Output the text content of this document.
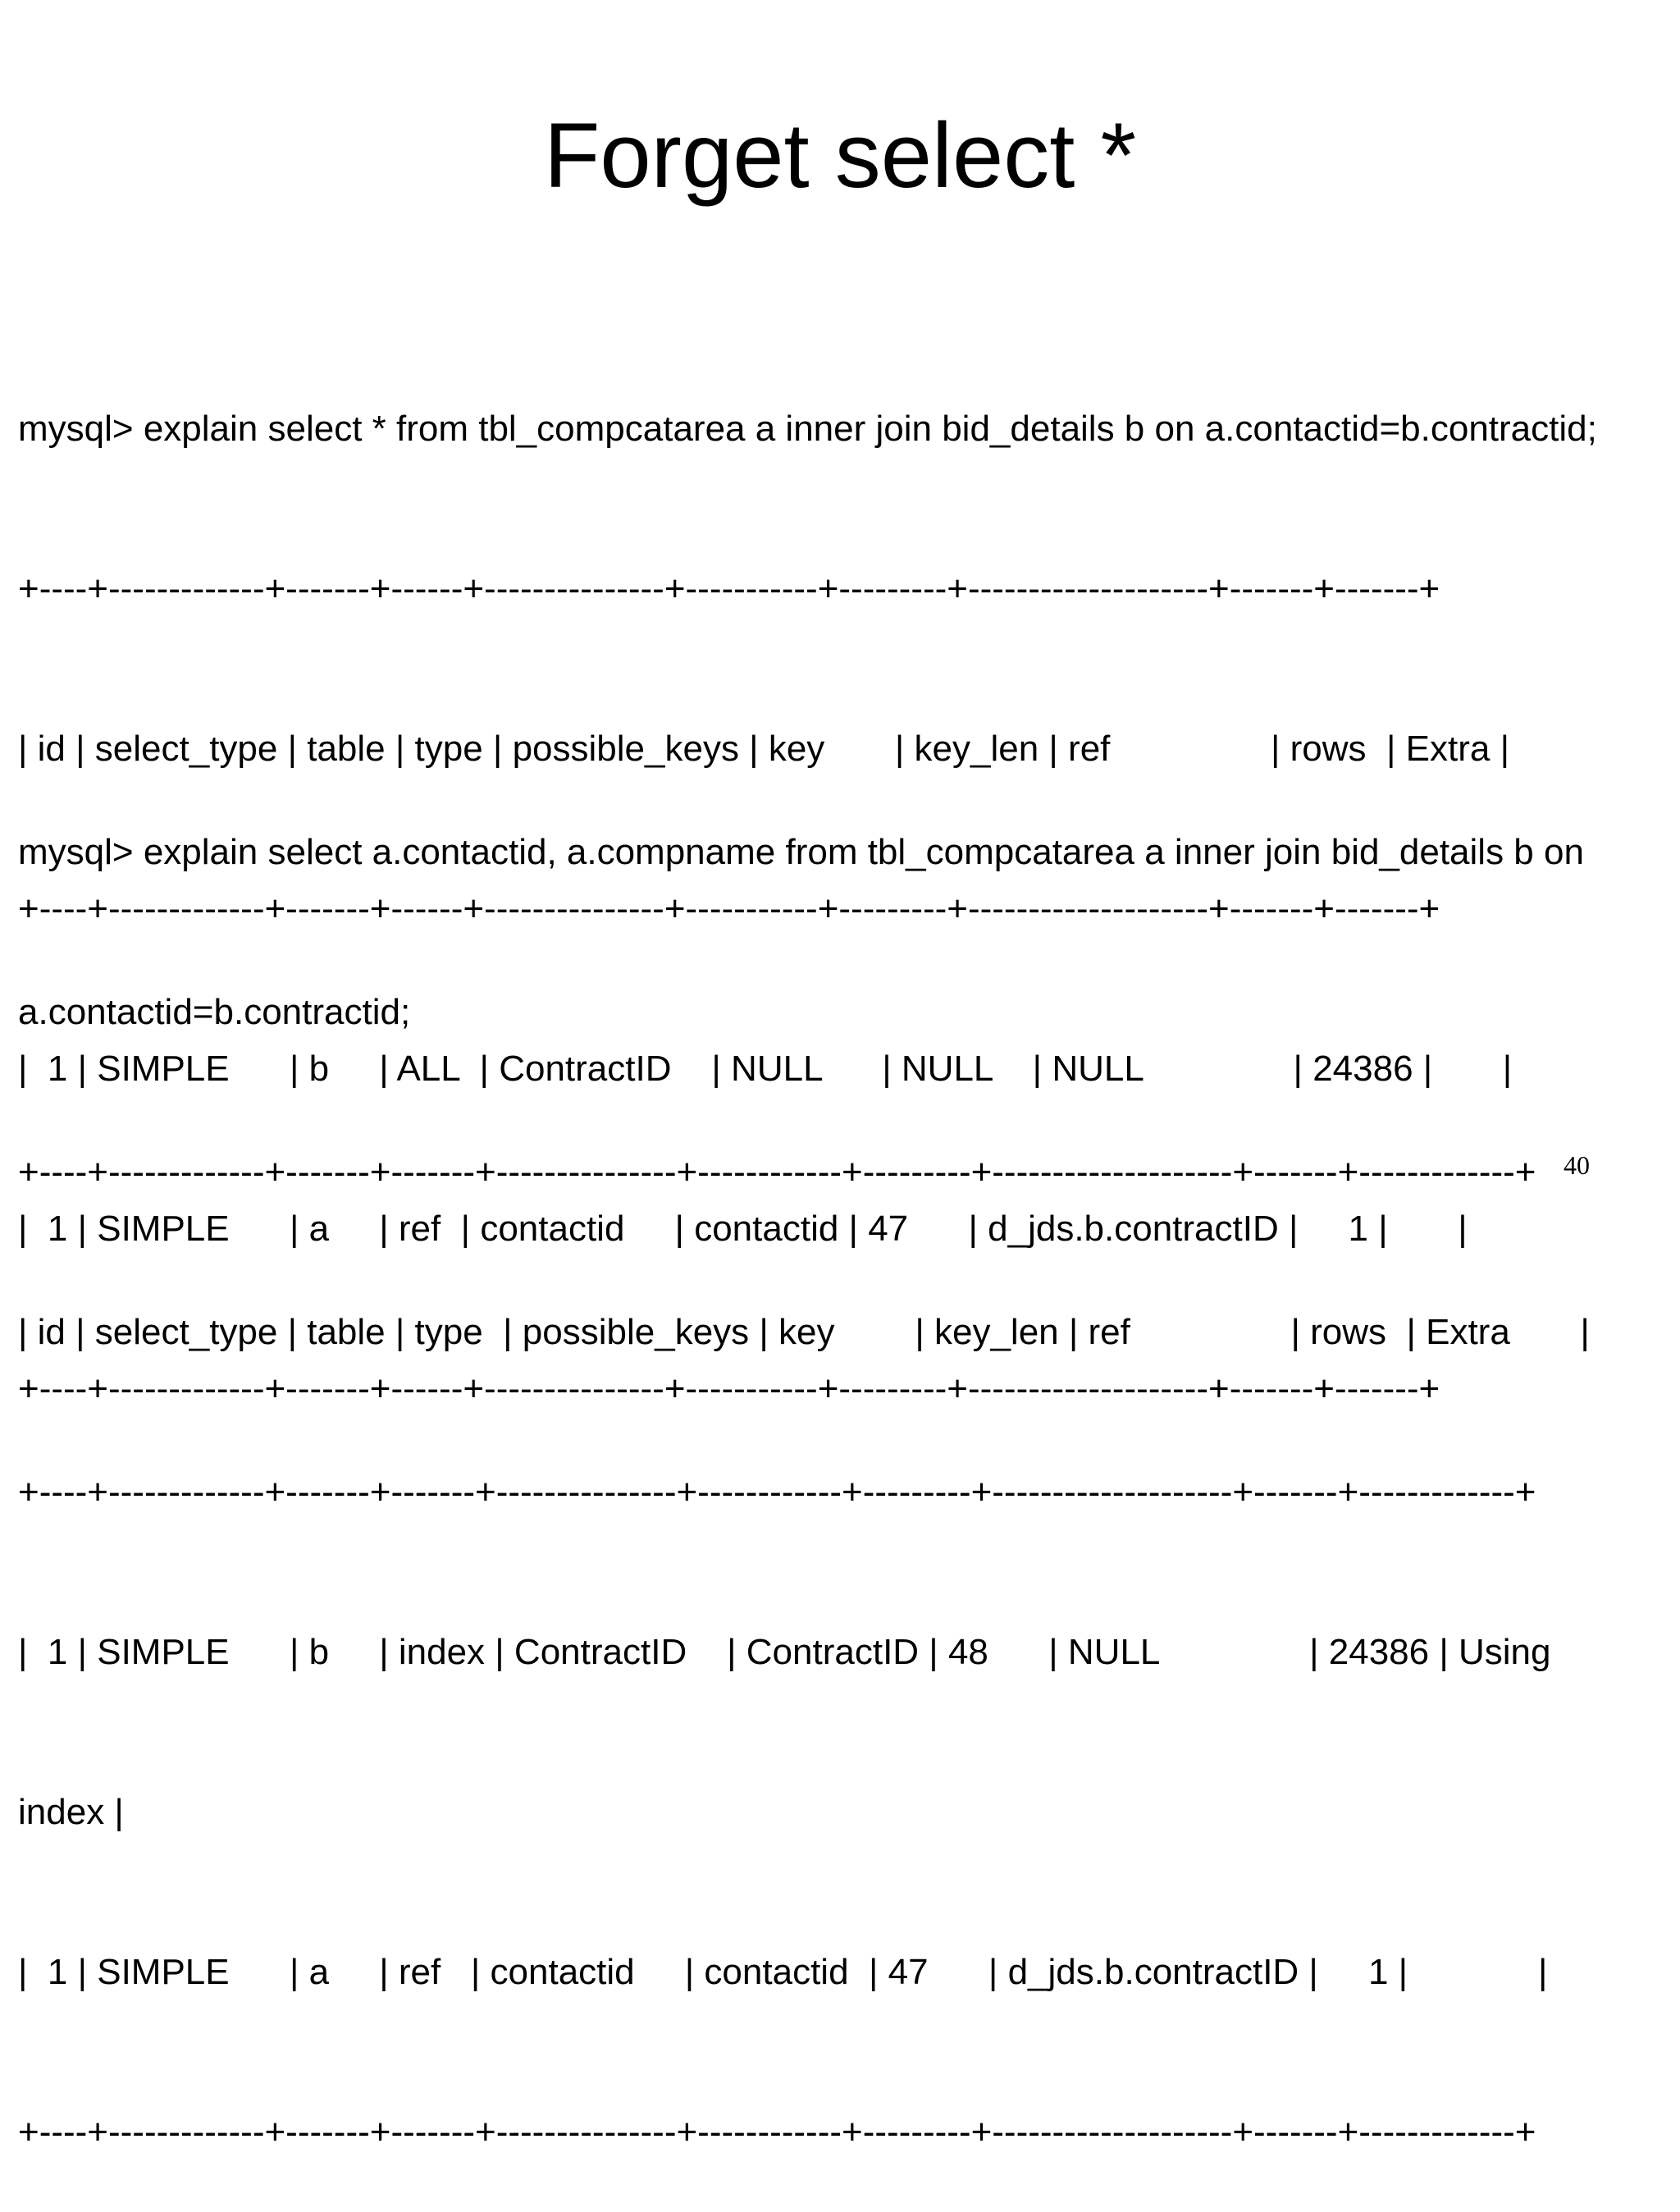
Forget select *

mysql> explain select * from tbl_compcatarea a inner join bid_details b on a.contactid=b.contractid;

+----+-------------+-------+------+---------------+-----------+---------+--------------------+-------+-------+

| id | select_type | table | type | possible_keys | key       | key_len | ref                | rows  | Extra |

+----+-------------+-------+------+---------------+-----------+---------+--------------------+-------+-------+

|  1 | SIMPLE      | b     | ALL  | ContractID    | NULL      | NULL    | NULL               | 24386 |       |

|  1 | SIMPLE      | a     | ref  | contactid     | contactid | 47      | d_jds.b.contractID |     1 |       |

+----+-------------+-------+------+---------------+-----------+---------+--------------------+-------+-------+

mysql> explain select a.contactid, a.compname from tbl_compcatarea a inner join bid_details b on

a.contactid=b.contractid;

+----+-------------+-------+-------+---------------+------------+---------+--------------------+-------+-------------+

| id | select_type | table | type  | possible_keys | key        | key_len | ref                | rows  | Extra       |

+----+-------------+-------+-------+---------------+------------+---------+--------------------+-------+-------------+

|  1 | SIMPLE      | b     | index | ContractID    | ContractID | 48      | NULL               | 24386 | Using

index |

|  1 | SIMPLE      | a     | ref   | contactid     | contactid  | 47      | d_jds.b.contractID |     1 |             |

+----+-------------+-------+-------+---------------+------------+---------+--------------------+-------+-------------+

40
